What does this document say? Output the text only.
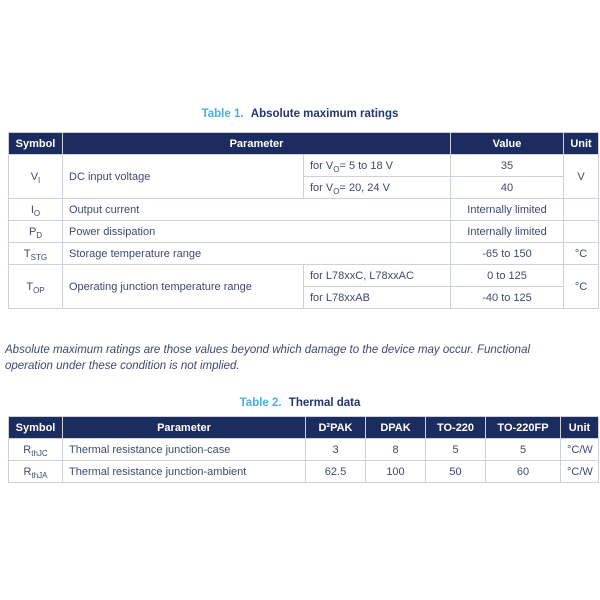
Table 1. Absolute maximum ratings
Symbol	Parameter		Value	Unit
$V_I$	DC input voltage	for $V_O= 5$ to 18 V	35	V
		for $V_O= 20$, 24 V	40	
$I_O$	Output current		Internally limited	
$P_D$	Power dissipation		Internally limited	
$T_{STG}$	Storage temperature range		-65 to 150	°C
$T_{OP}$	Operating junction temperature range	for L78xxC, L78xxAC	0 to 125	°C
		for L78xxAB	-40 to 125	
Absolute maximum ratings are those values beyond which damage to the device may occur. Functional
operation under these condition is not implied.
Table 2. Thermal data
Symbol	Parameter	D²PAK	DPAK	TO-220	TO-220FP	Unit
$R_{thJC}$	Thermal resistance junction-case	3	8	5	5	°C/W
$R_{thJA}$	Thermal resistance junction-ambient	62.5	100	50	60	°C/W
